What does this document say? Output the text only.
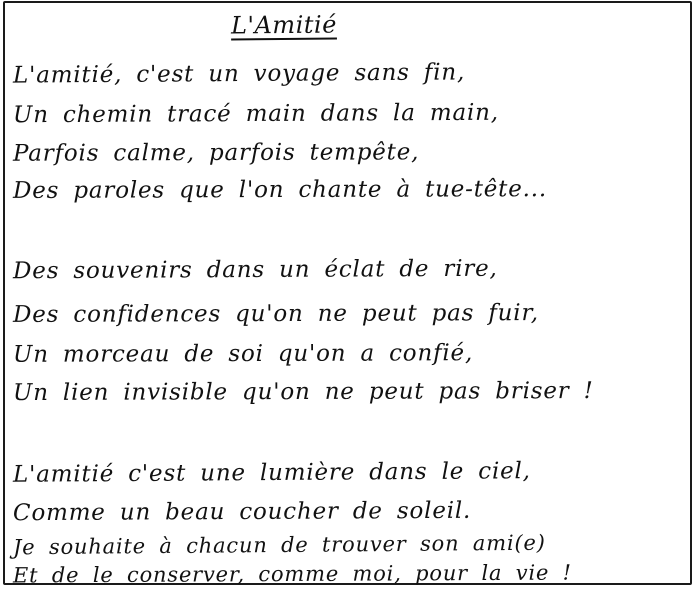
L'Amitié
L'amitié, c'est un voyage sans fin,
Un chemin tracé main dans la main,
Parfois calme, parfois tempête,
Des paroles que l'on chante à tue-tête...
Des souvenirs dans un éclat de rire,
Des confidences qu'on ne peut pas fuir,
Un morceau de soi qu'on a confié,
Un lien invisible qu'on ne peut pas briser !
L'amitié c'est une lumière dans le ciel,
Comme un beau coucher de soleil.
Je souhaite à chacun de trouver son ami(e)
Et de le conserver, comme moi, pour la vie !
